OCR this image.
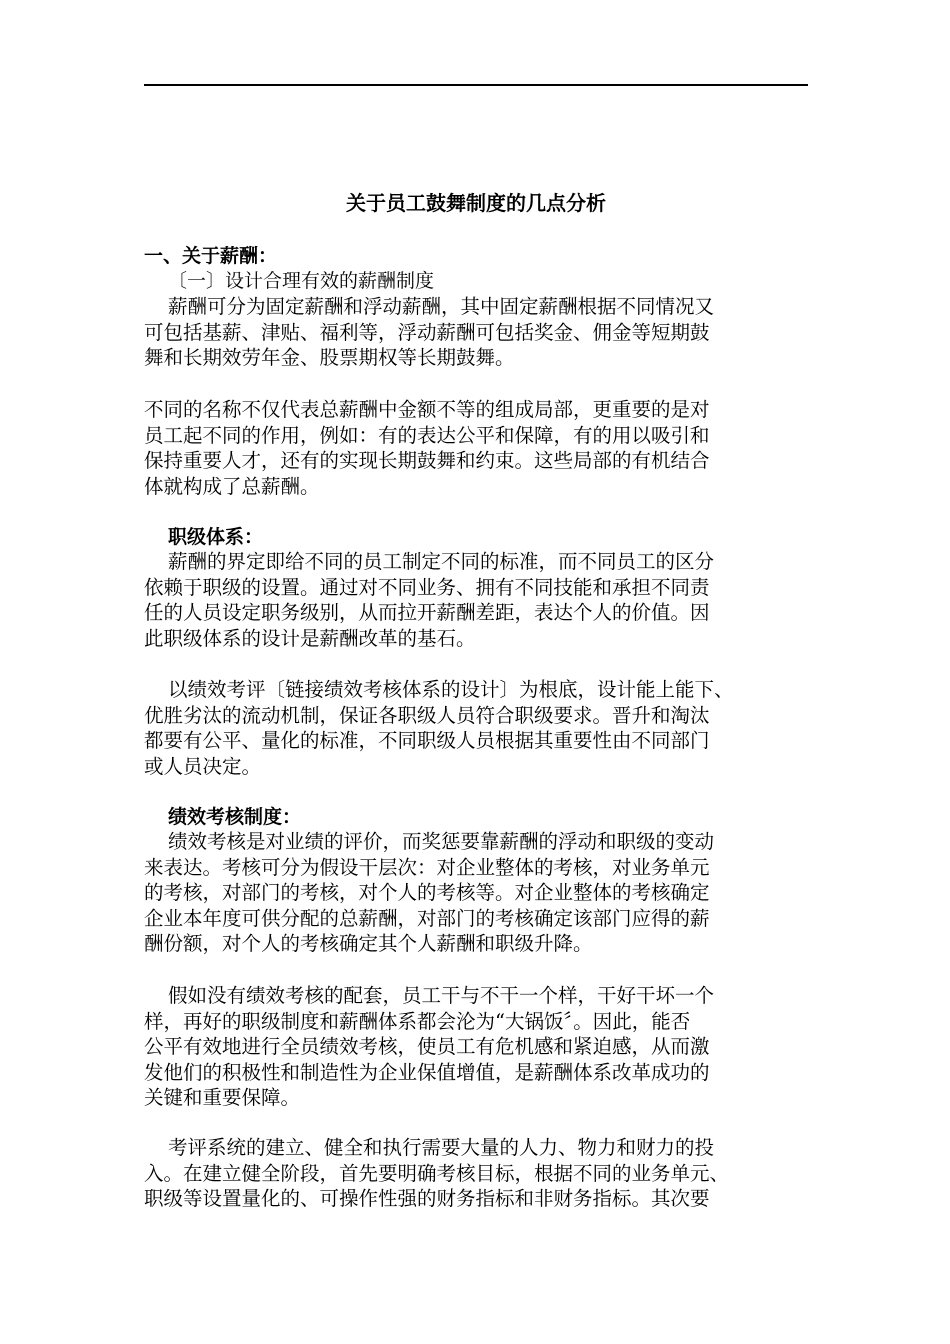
关于员工鼓舞制度的几点分析
一、关于薪酬：
〔一〕设计合理有效的薪酬制度
薪酬可分为固定薪酬和浮动薪酬，其中固定薪酬根据不同情况又
可包括基薪、津贴、福利等，浮动薪酬可包括奖金、佣金等短期鼓
舞和长期效劳年金、股票期权等长期鼓舞。
不同的名称不仅代表总薪酬中金额不等的组成局部，更重要的是对
员工起不同的作用，例如：有的表达公平和保障，有的用以吸引和
保持重要人才，还有的实现长期鼓舞和约束。这些局部的有机结合
体就构成了总薪酬。
职级体系：
薪酬的界定即给不同的员工制定不同的标准，而不同员工的区分
依赖于职级的设置。通过对不同业务、拥有不同技能和承担不同责
任的人员设定职务级别，从而拉开薪酬差距，表达个人的价值。因
此职级体系的设计是薪酬改革的基石。
以绩效考评〔链接绩效考核体系的设计〕为根底，设计能上能下、
优胜劣汰的流动机制，保证各职级人员符合职级要求。晋升和淘汰
都要有公平、量化的标准，不同职级人员根据其重要性由不同部门
或人员决定。
绩效考核制度：
绩效考核是对业绩的评价，而奖惩要靠薪酬的浮动和职级的变动
来表达。考核可分为假设干层次：对企业整体的考核，对业务单元
的考核，对部门的考核，对个人的考核等。对企业整体的考核确定
企业本年度可供分配的总薪酬，对部门的考核确定该部门应得的薪
酬份额，对个人的考核确定其个人薪酬和职级升降。
假如没有绩效考核的配套，员工干与不干一个样，干好干坏一个
样，再好的职级制度和薪酬体系都会沦为“大锅饭〞。因此，能否
公平有效地进行全员绩效考核，使员工有危机感和紧迫感，从而激
发他们的积极性和制造性为企业保值增值，是薪酬体系改革成功的
关键和重要保障。
考评系统的建立、健全和执行需要大量的人力、物力和财力的投
入。在建立健全阶段，首先要明确考核目标，根据不同的业务单元、
职级等设置量化的、可操作性强的财务指标和非财务指标。其次要
